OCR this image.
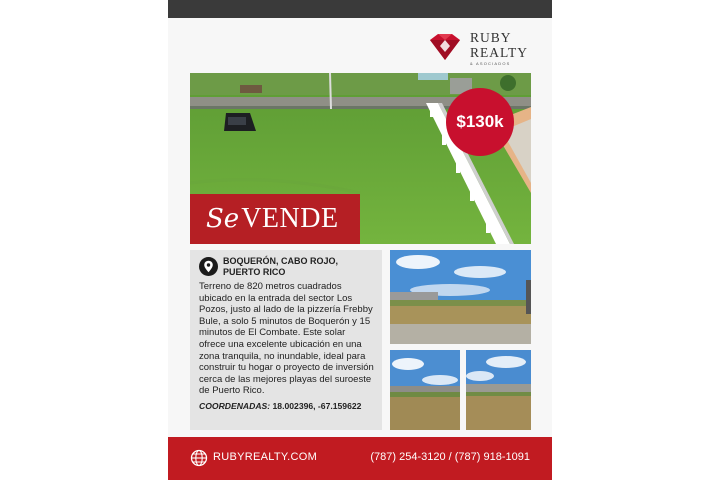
RUBY
REALTY
& ASOCIADOS
$130k
Se VENDE
BOQUERÓN, CABO ROJO,
PUERTO RICO
Terreno de 820 metros cuadrados ubicado en la entrada del sector Los Pozos, justo al lado de la pizzería Frebby Bule, a solo 5 minutos de Boquerón y 15 minutos de El Combate. Este solar ofrece una excelente ubicación en una zona tranquila, no inundable, ideal para construir tu hogar o proyecto de inversión cerca de las mejores playas del suroeste de Puerto Rico.
COORDENADAS: 18.002396, -67.159622
RUBYREALTY.COM	(787) 254-3120 / (787) 918-1091
